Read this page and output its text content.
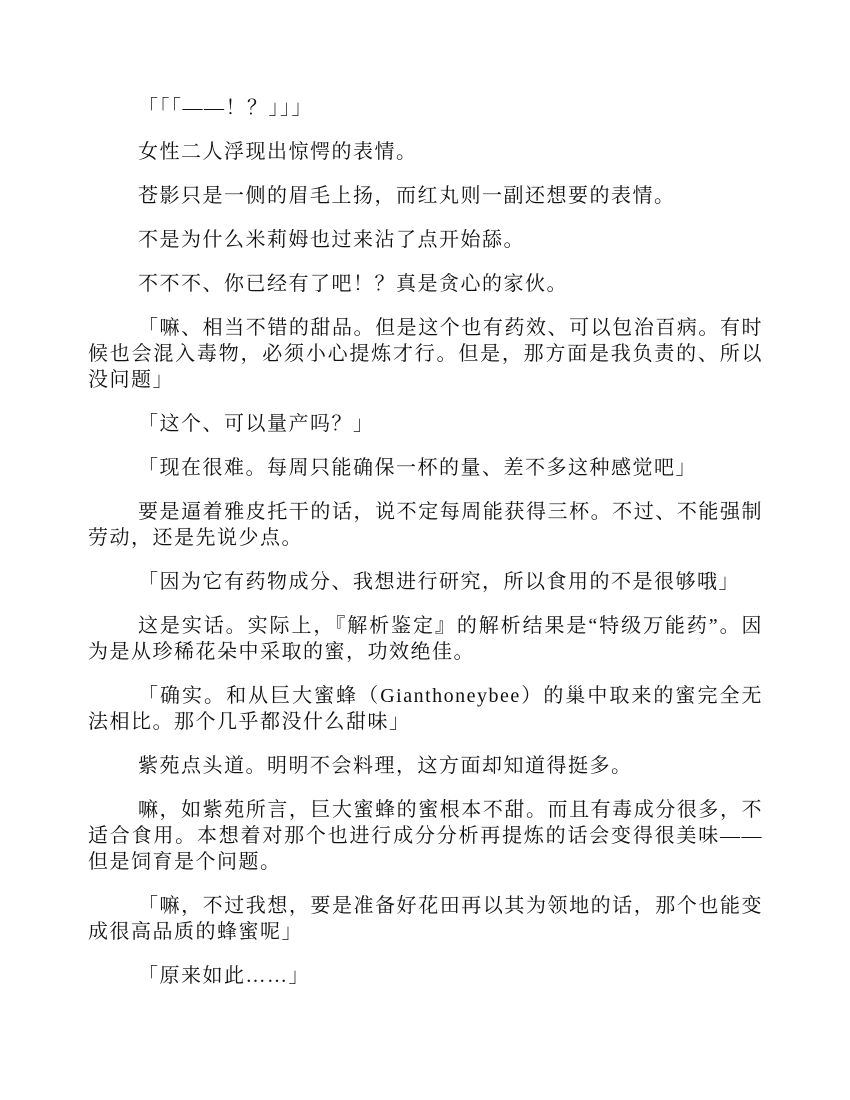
「「「——！？」」」

女性二人浮现出惊愕的表情。

苍影只是一侧的眉毛上扬，而红丸则一副还想要的表情。

不是为什么米莉姆也过来沾了点开始舔。

不不不、你已经有了吧！？真是贪心的家伙。

「嘛、相当不错的甜品。但是这个也有药效、可以包治百病。有时候也会混入毒物，必须小心提炼才行。但是，那方面是我负责的、所以没问题」

「这个、可以量产吗？」

「现在很难。每周只能确保一杯的量、差不多这种感觉吧」

要是逼着雅皮托干的话，说不定每周能获得三杯。不过、不能强制劳动，还是先说少点。

「因为它有药物成分、我想进行研究，所以食用的不是很够哦」

这是实话。实际上，『解析鉴定』的解析结果是“特级万能药”。因为是从珍稀花朵中采取的蜜，功效绝佳。

「确实。和从巨大蜜蜂（Gianthoneybee）的巢中取来的蜜完全无法相比。那个几乎都没什么甜味」

紫苑点头道。明明不会料理，这方面却知道得挺多。

嘛，如紫苑所言，巨大蜜蜂的蜜根本不甜。而且有毒成分很多，不适合食用。本想着对那个也进行成分分析再提炼的话会变得很美味——但是饲育是个问题。

「嘛，不过我想，要是准备好花田再以其为领地的话，那个也能变成很高品质的蜂蜜呢」

「原来如此……」
